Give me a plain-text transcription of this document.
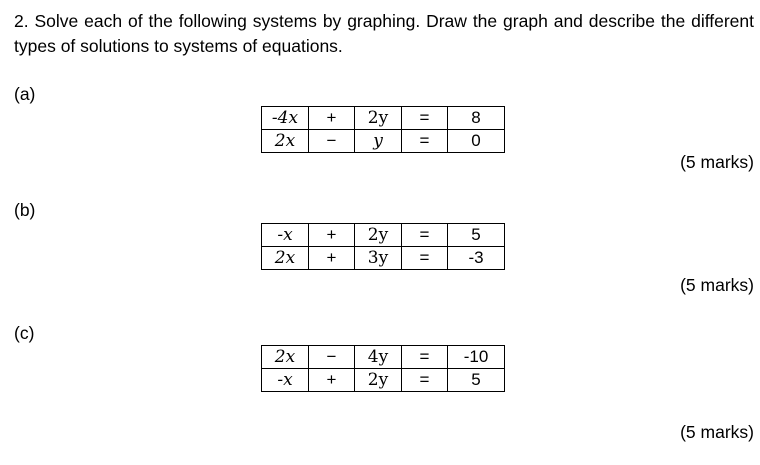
2. Solve each of the following systems by graphing. Draw the graph and describe the different types of solutions to systems of equations.
(a)
-4x	+	2y	=	8
2x	−	y	=	0
(5 marks)
(b)
-x	+	2y	=	5
2x	+	3y	=	-3
(5 marks)
(c)
2x	−	4y	=	-10
-x	+	2y	=	5
(5 marks)
